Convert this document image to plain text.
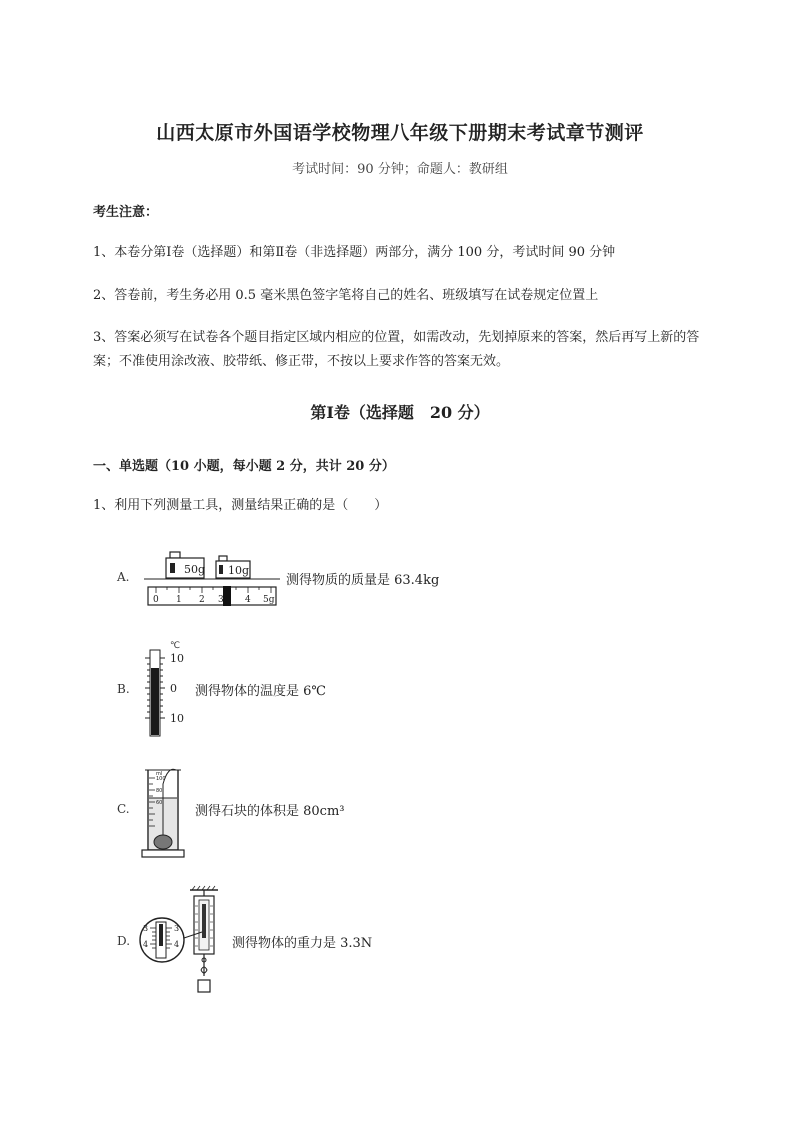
山西太原市外国语学校物理八年级下册期末考试章节测评
考试时间：90 分钟；命题人：教研组
考生注意：
1、本卷分第Ⅰ卷（选择题）和第Ⅱ卷（非选择题）两部分，满分 100 分，考试时间 90 分钟
2、答卷前，考生务必用 0.5 毫米黑色签字笔将自己的姓名、班级填写在试卷规定位置上
3、答案必须写在试卷各个题目指定区域内相应的位置，如需改动，先划掉原来的答案，然后再写上新的答案；不准使用涂改液、胶带纸、修正带，不按以上要求作答的答案无效。
第Ⅰ卷（选择题　20 分）
一、单选题（10 小题，每小题 2 分，共计 20 分）
1、利用下列测量工具，测量结果正确的是（　　）
A.
50g 10g
0 1 2 3 4 5g
测得物质的质量是 63.4kg
B.
℃
10
0
10
测得物体的温度是 6℃
C.
ml
100
80
60
测得石块的体积是 80cm³
D.
3
4
3
4	测得物体的重力是 3.3N
